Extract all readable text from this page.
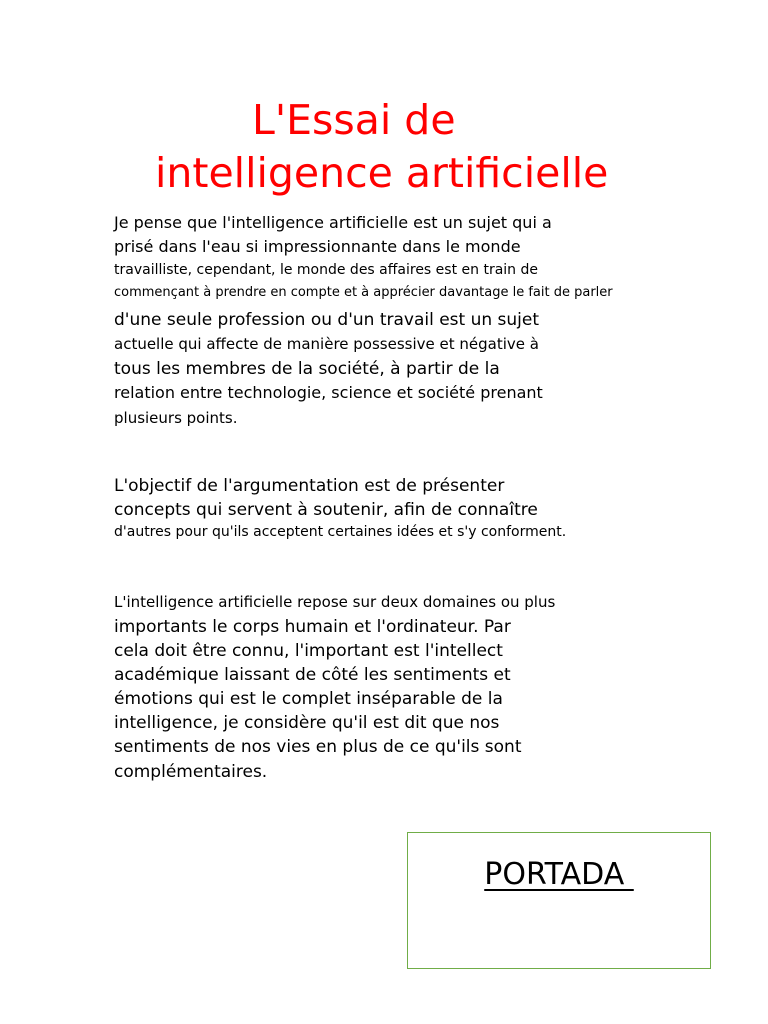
L'Essai de
intelligence artificielle

Je pense que l'intelligence artificielle est un sujet qui a

prisé dans l'eau si impressionnante dans le monde

travailliste, cependant, le monde des affaires est en train de

commençant à prendre en compte et à apprécier davantage le fait de parler

d'une seule profession ou d'un travail est un sujet

actuelle qui affecte de manière possessive et négative à

tous les membres de la société, à partir de la

relation entre technologie, science et société prenant

plusieurs points.

L'objectif de l'argumentation est de présenter

concepts qui servent à soutenir, afin de connaître

d'autres pour qu'ils acceptent certaines idées et s'y conforment.

L'intelligence artificielle repose sur deux domaines ou plus

importants le corps humain et l'ordinateur. Par

cela doit être connu, l'important est l'intellect

académique laissant de côté les sentiments et

émotions qui est le complet inséparable de la

intelligence, je considère qu'il est dit que nos

sentiments de nos vies en plus de ce qu'ils sont

complémentaires.

PORTADA
